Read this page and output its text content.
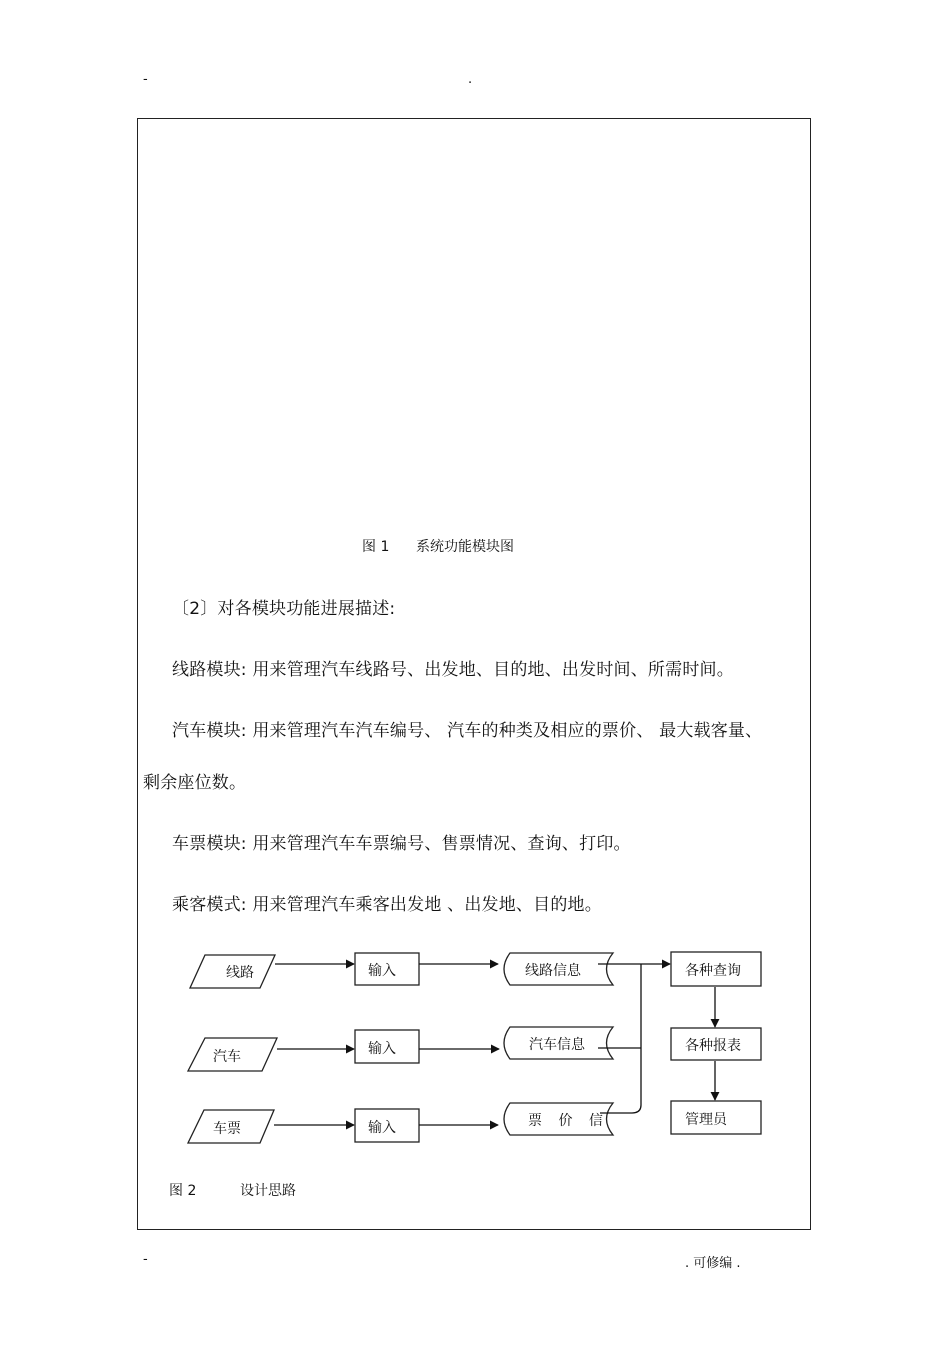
-	.
图 1 系统功能模块图
〔2〕对各模块功能进展描述:
线路模块: 用来管理汽车线路号、出发地、目的地、出发时间、所需时间。
汽车模块: 用来管理汽车汽车编号、 汽车的种类及相应的票价、 最大载客量、
剩余座位数。
车票模块: 用来管理汽车车票编号、售票情况、查询、打印。
乘客模式: 用来管理汽车乘客出发地 、出发地、目的地。
线路	输入	线路信息	各种查询
汽车	输入	汽车信息
车票	输入	票 价 信
各种报表
管理员
图 2	设计思路
-	. 可修编 .
